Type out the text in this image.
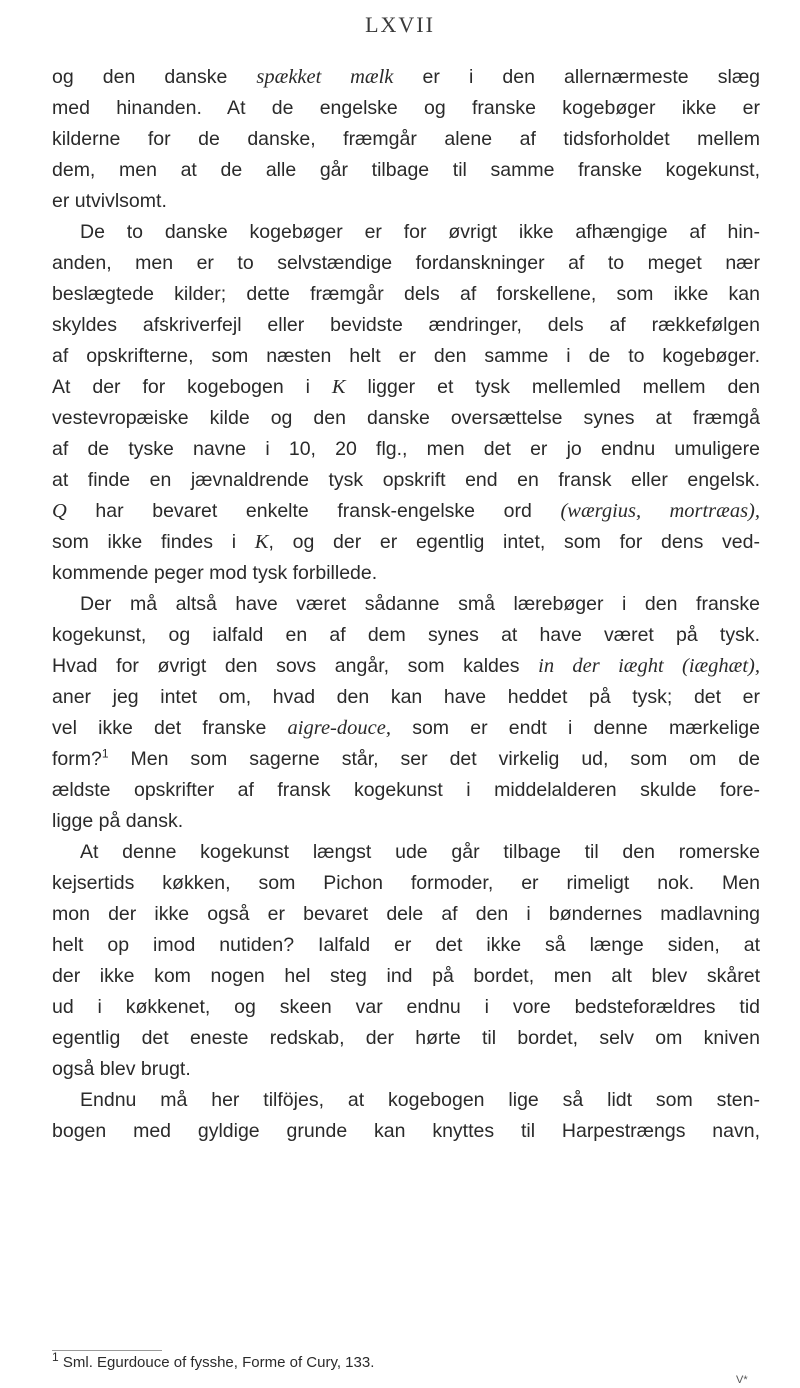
LXVII
og den danske spækket mælk er i den allernærmeste slæg
med hinanden. At de engelske og franske kogebøger ikke er
kilderne for de danske, fræmgår alene af tidsforholdet mellem
dem, men at de alle går tilbage til samme franske kogekunst,
er utvivlsomt.
De to danske kogebøger er for øvrigt ikke afhængige af hin-
anden, men er to selvstændige fordanskninger af to meget nær
beslægtede kilder; dette fræmgår dels af forskellene, som ikke kan
skyldes afskriverfejl eller bevidste ændringer, dels af rækkefølgen
af opskrifterne, som næsten helt er den samme i de to kogebøger.
At der for kogebogen i K ligger et tysk mellemled mellem den
vestevropæiske kilde og den danske oversættelse synes at fræmgå
af de tyske navne i 10, 20 flg., men det er jo endnu umuligere
at finde en jævnaldrende tysk opskrift end en fransk eller engelsk.
Q har bevaret enkelte fransk-engelske ord (wærgius, mortræas),
som ikke findes i K, og der er egentlig intet, som for dens ved-
kommende peger mod tysk forbillede.
Der må altså have været sådanne små lærebøger i den franske
kogekunst, og ialfald en af dem synes at have været på tysk.
Hvad for øvrigt den sovs angår, som kaldes in der iæght (iæghæt),
aner jeg intet om, hvad den kan have heddet på tysk; det er
vel ikke det franske aigre-douce, som er endt i denne mærkelige
form?$^1$ Men som sagerne står, ser det virkelig ud, som om de
ældste opskrifter af fransk kogekunst i middelalderen skulde fore-
ligge på dansk.
At denne kogekunst længst ude går tilbage til den romerske
kejsertids køkken, som Pichon formoder, er rimeligt nok. Men
mon der ikke også er bevaret dele af den i bøndernes madlavning
helt op imod nutiden? Ialfald er det ikke så længe siden, at
der ikke kom nogen hel steg ind på bordet, men alt blev skåret
ud i køkkenet, og skeen var endnu i vore bedsteforældres tid
egentlig det eneste redskab, der hørte til bordet, selv om kniven
også blev brugt.
Endnu må her tilföjes, at kogebogen lige så lidt som sten-
bogen med gyldige grunde kan knyttes til Harpestrængs navn,
$^1$ Sml. Egurdouce of fysshe, Forme of Cury, 133.
V*
